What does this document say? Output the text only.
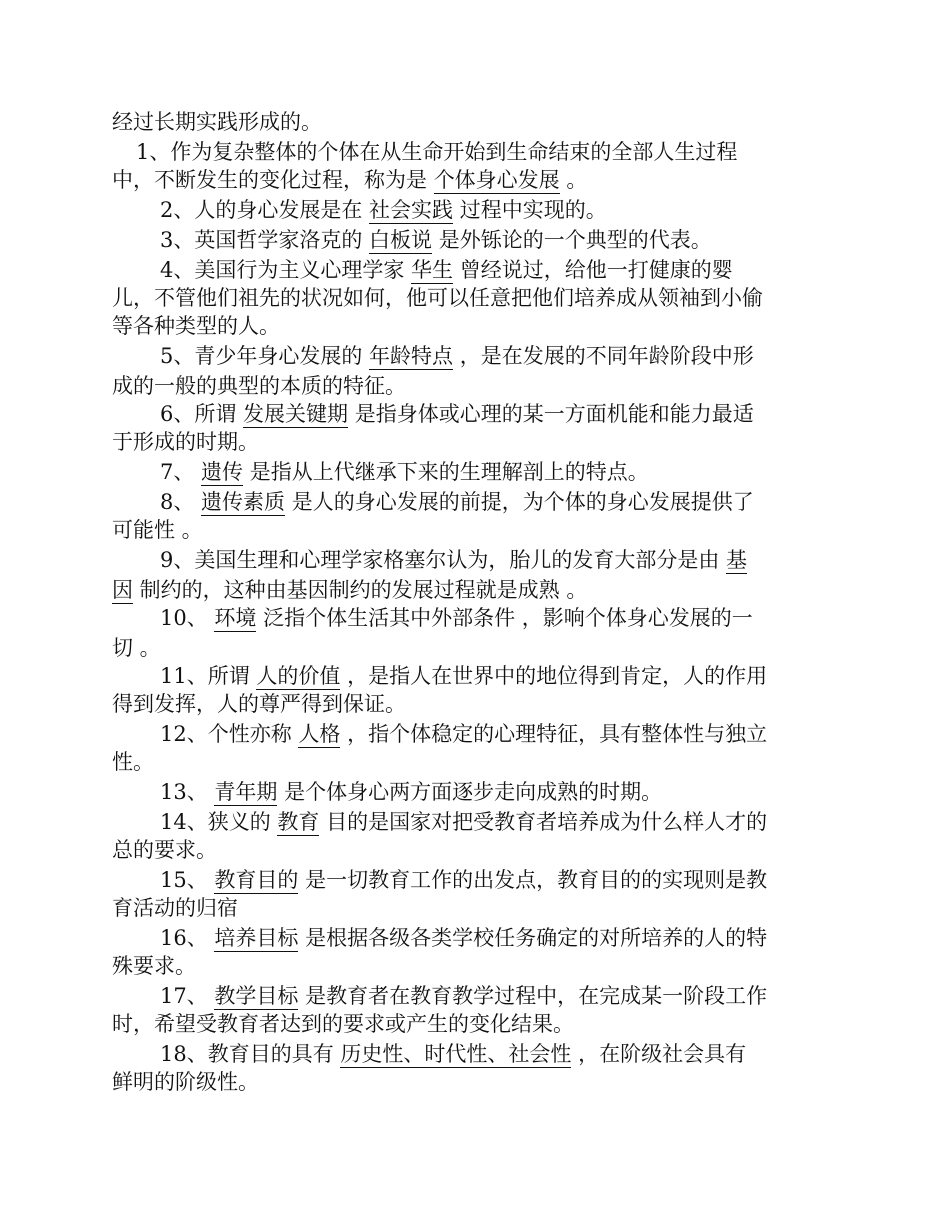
经过长期实践形成的。
1、作为复杂整体的个体在从生命开始到生命结束的全部人生过程
中，不断发生的变化过程，称为是 个体身心发展 。
2、人的身心发展是在 社会实践 过程中实现的。
3、英国哲学家洛克的 白板说 是外铄论的一个典型的代表。
4、美国行为主义心理学家 华生 曾经说过，给他一打健康的婴
儿，不管他们祖先的状况如何，他可以任意把他们培养成从领袖到小偷
等各种类型的人。
5、青少年身心发展的 年龄特点 ，是在发展的不同年龄阶段中形
成的一般的典型的本质的特征。
6、所谓 发展关键期 是指身体或心理的某一方面机能和能力最适
于形成的时期。
7、 遗传 是指从上代继承下来的生理解剖上的特点。
8、 遗传素质 是人的身心发展的前提，为个体的身心发展提供了
可能性 。
9、美国生理和心理学家格塞尔认为，胎儿的发育大部分是由 基
因 制约的，这种由基因制约的发展过程就是成熟 。
10、 环境 泛指个体生活其中外部条件 ，影响个体身心发展的一
切 。
11、所谓 人的价值 ，是指人在世界中的地位得到肯定，人的作用
得到发挥，人的尊严得到保证。
12、个性亦称 人格 ，指个体稳定的心理特征，具有整体性与独立
性。
13、 青年期 是个体身心两方面逐步走向成熟的时期。
14、狭义的 教育 目的是国家对把受教育者培养成为什么样人才的
总的要求。
15、 教育目的 是一切教育工作的出发点，教育目的的实现则是教
育活动的归宿
16、 培养目标 是根据各级各类学校任务确定的对所培养的人的特
殊要求。
17、 教学目标 是教育者在教育教学过程中，在完成某一阶段工作
时，希望受教育者达到的要求或产生的变化结果。
18、教育目的具有 历史性、时代性、社会性 ，在阶级社会具有
鲜明的阶级性。
